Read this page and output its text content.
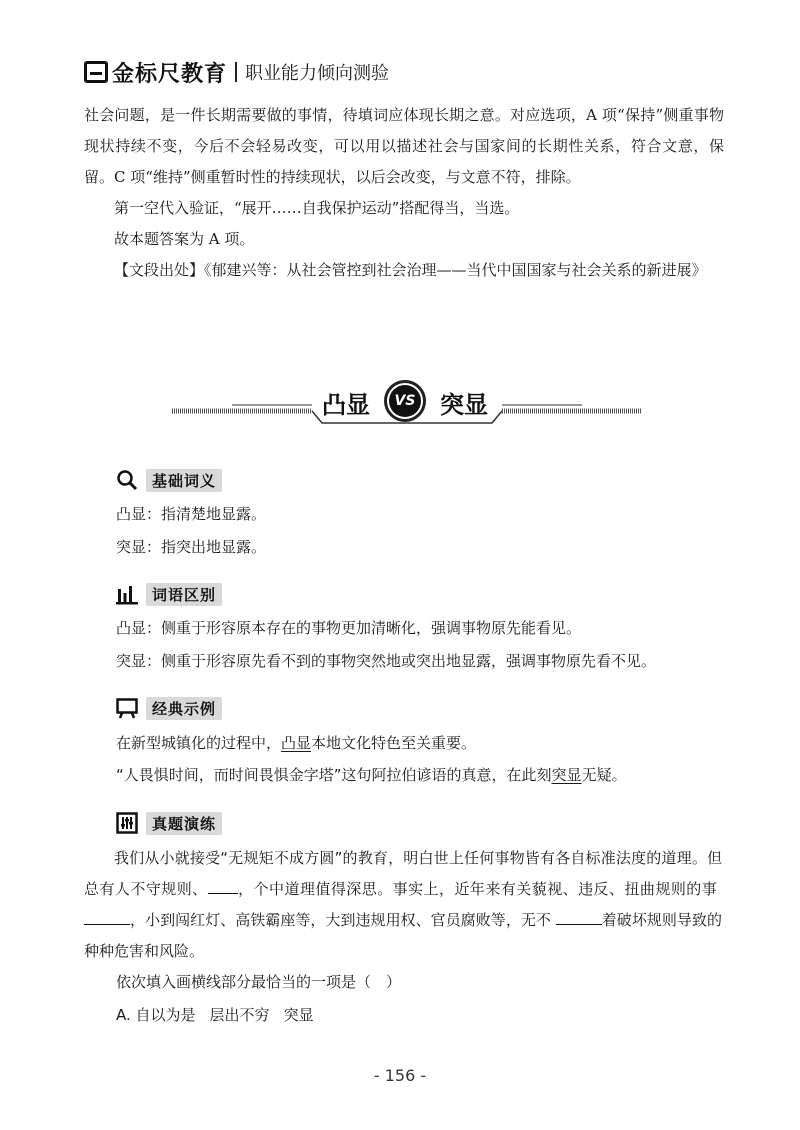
金标尺教育 职业能力倾向测验
社会问题，是一件长期需要做的事情，待填词应体现长期之意。对应选项，A 项“保持”侧重事物现状持续不变，今后不会轻易改变，可以用以描述社会与国家间的长期性关系，符合文意，保留。C 项“维持”侧重暂时性的持续现状，以后会改变，与文意不符，排除。
第一空代入验证，“展开……自我保护运动”搭配得当，当选。
故本题答案为 A 项。
【文段出处】《郁建兴等：从社会管控到社会治理——当代中国国家与社会关系的新进展》
凸显	VS 突显
基础词义
凸显：指清楚地显露。
突显：指突出地显露。
词语区别
凸显：侧重于形容原本存在的事物更加清晰化，强调事物原先能看见。
突显：侧重于形容原先看不到的事物突然地或突出地显露，强调事物原先看不见。
经典示例
在新型城镇化的过程中，凸显本地文化特色至关重要。
“人畏惧时间，而时间畏惧金字塔”这句阿拉伯谚语的真意，在此刻突显无疑。
真题演练
我们从小就接受“无规矩不成方圆”的教育，明白世上任何事物皆有各自标准法度的道理。但总有人不守规则、 ，个中道理值得深思。事实上，近年来有关藐视、违反、扭曲规则的事 ，小到闯红灯、高铁霸座等，大到违规用权、官员腐败等，无不	着破坏规则导致的种种危害和风险。
依次填入画横线部分最恰当的一项是（　）
A. 自以为是 层出不穷 突显
- 156 -
